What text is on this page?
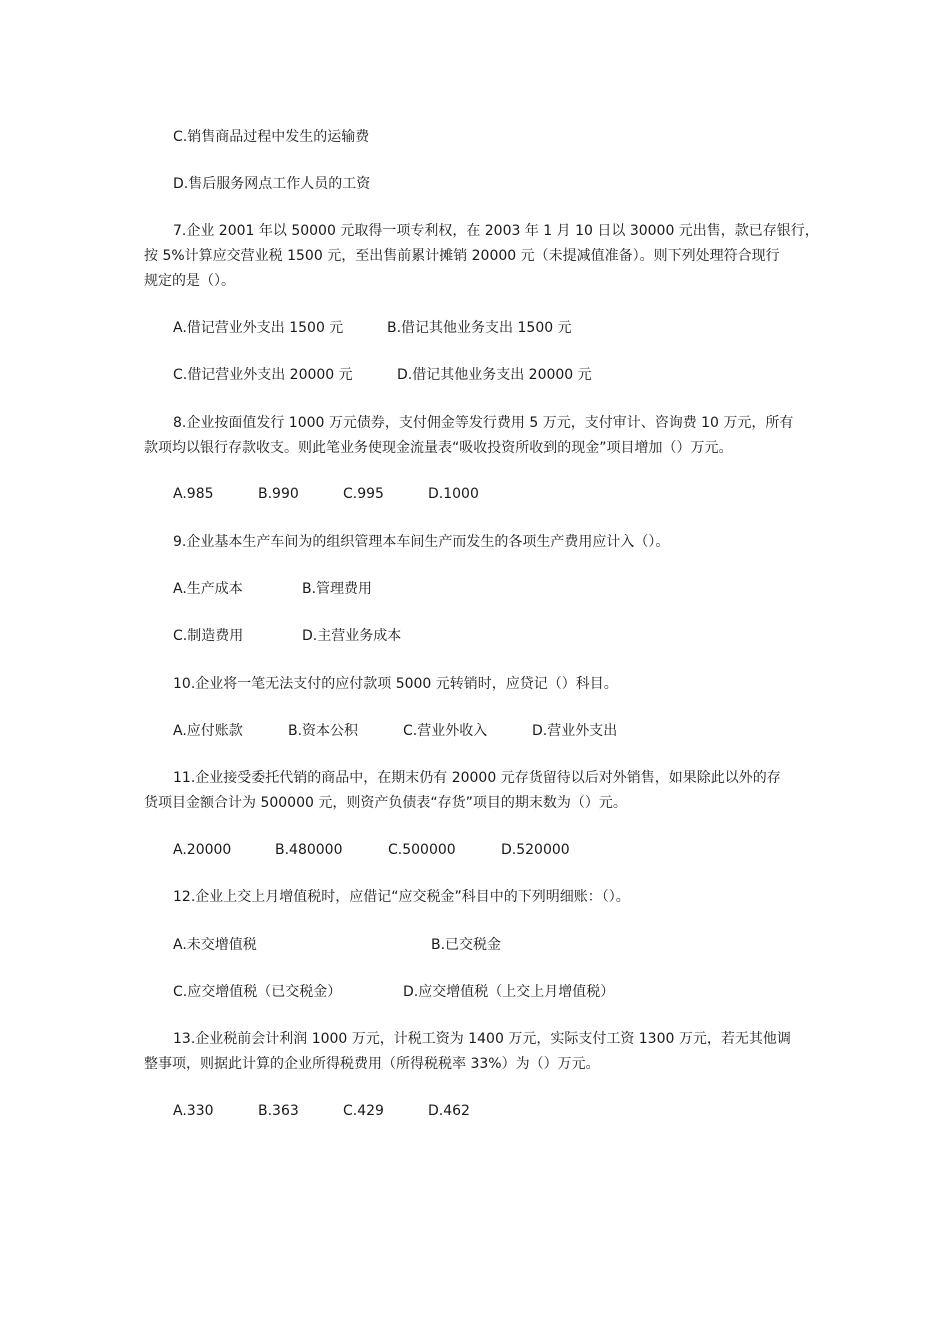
C.销售商品过程中发生的运输费
D.售后服务网点工作人员的工资
7.企业 2001 年以 50000 元取得一项专利权，在 2003 年 1 月 10 日以 30000 元出售，款已存银行，
按 5%计算应交营业税 1500 元，至出售前累计摊销 20000 元（未提减值准备）。则下列处理符合现行
规定的是（）。
A.借记营业外支出 1500 元	B.借记其他业务支出 1500 元
C.借记营业外支出 20000 元	D.借记其他业务支出 20000 元
8.企业按面值发行 1000 万元债券，支付佣金等发行费用 5 万元，支付审计、咨询费 10 万元，所有
款项均以银行存款收支。则此笔业务使现金流量表“吸收投资所收到的现金”项目增加（）万元。
A.985	B.990	C.995	D.1000
9.企业基本生产车间为的组织管理本车间生产而发生的各项生产费用应计入（）。
A.生产成本	B.管理费用
C.制造费用	D.主营业务成本
10.企业将一笔无法支付的应付款项 5000 元转销时，应贷记（）科目。
A.应付账款	B.资本公积	C.营业外收入	D.营业外支出
11.企业接受委托代销的商品中，在期末仍有 20000 元存货留待以后对外销售，如果除此以外的存
货项目金额合计为 500000 元，则资产负债表“存货”项目的期末数为（）元。
A.20000	B.480000	C.500000	D.520000
12.企业上交上月增值税时，应借记“应交税金”科目中的下列明细账：（）。
A.未交增值税	B.已交税金
C.应交增值税（已交税金）	D.应交增值税（上交上月增值税）
13.企业税前会计利润 1000 万元，计税工资为 1400 万元，实际支付工资 1300 万元，若无其他调
整事项，则据此计算的企业所得税费用（所得税税率 33%）为（）万元。
A.330	B.363	C.429	D.462
